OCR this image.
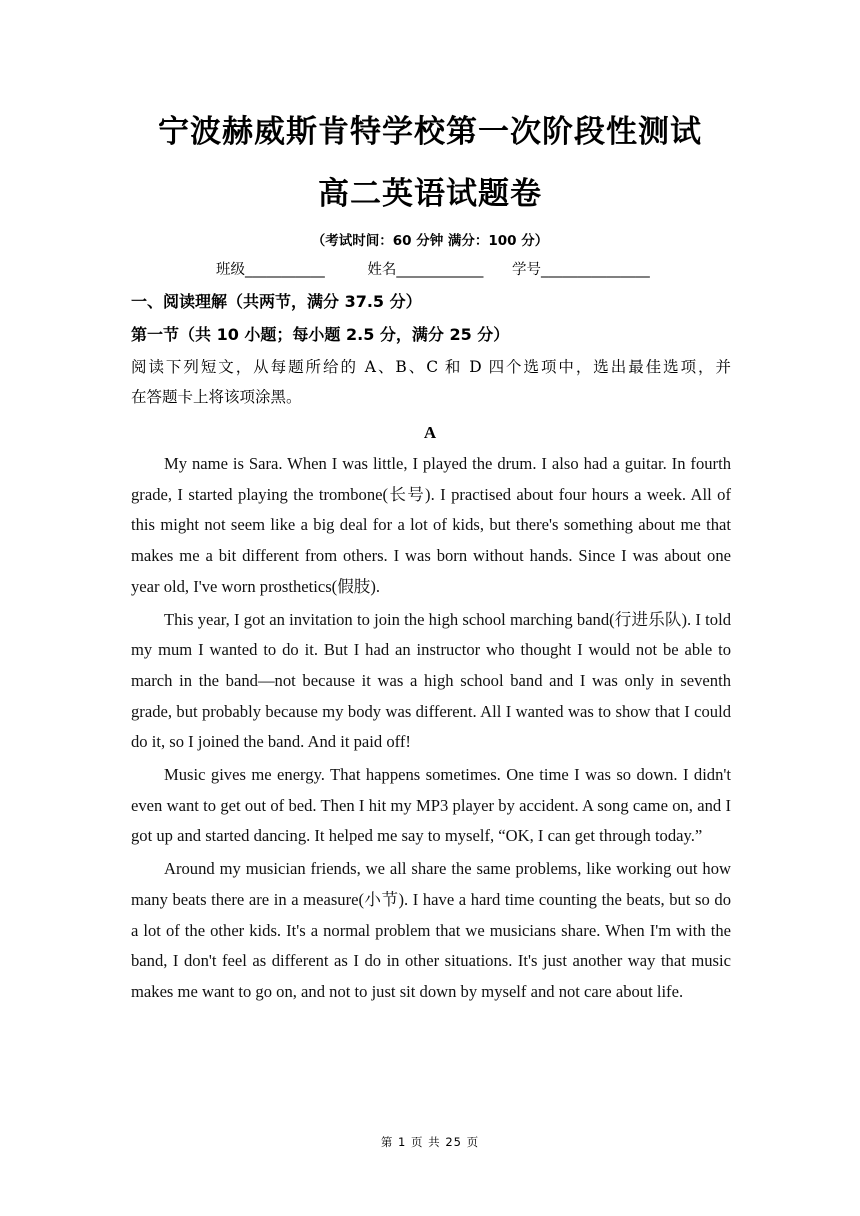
宁波赫威斯肯特学校第一次阶段性测试
高二英语试题卷
（考试时间：60 分钟 满分：100 分）
班级___________	姓名____________ 学号_______________
一、阅读理解（共两节，满分 37.5 分）
第一节（共 10 小题；每小题 2.5 分，满分 25 分）
阅读下列短文，从每题所给的 A、B、C 和 D 四个选项中，选出最佳选项，并
在答题卡上将该项涂黑。
A

My name is Sara. When I was little, I played the drum. I also had a guitar. In fourth grade, I started playing the trombone(长号). I practised about four hours a week. All of this might not seem like a big deal for a lot of kids, but there's something about me that makes me a bit different from others. I was born without hands. Since I was about one year old, I've worn prosthetics(假肢).

This year, I got an invitation to join the high school marching band(行进乐队). I told my mum I wanted to do it. But I had an instructor who thought I would not be able to march in the band—not because it was a high school band and I was only in seventh grade, but probably because my body was different. All I wanted was to show that I could do it, so I joined the band. And it paid off!

Music gives me energy. That happens sometimes. One time I was so down. I didn't even want to get out of bed. Then I hit my MP3 player by accident. A song came on, and I got up and started dancing. It helped me say to myself, “OK, I can get through today.”

Around my musician friends, we all share the same problems, like working out how many beats there are in a measure(小节). I have a hard time counting the beats, but so do a lot of the other kids. It's a normal problem that we musicians share. When I'm with the band, I don't feel as different as I do in other situations. It's just another way that music makes me want to go on, and not to just sit down by myself and not care about life.

第 1 页 共 25 页
